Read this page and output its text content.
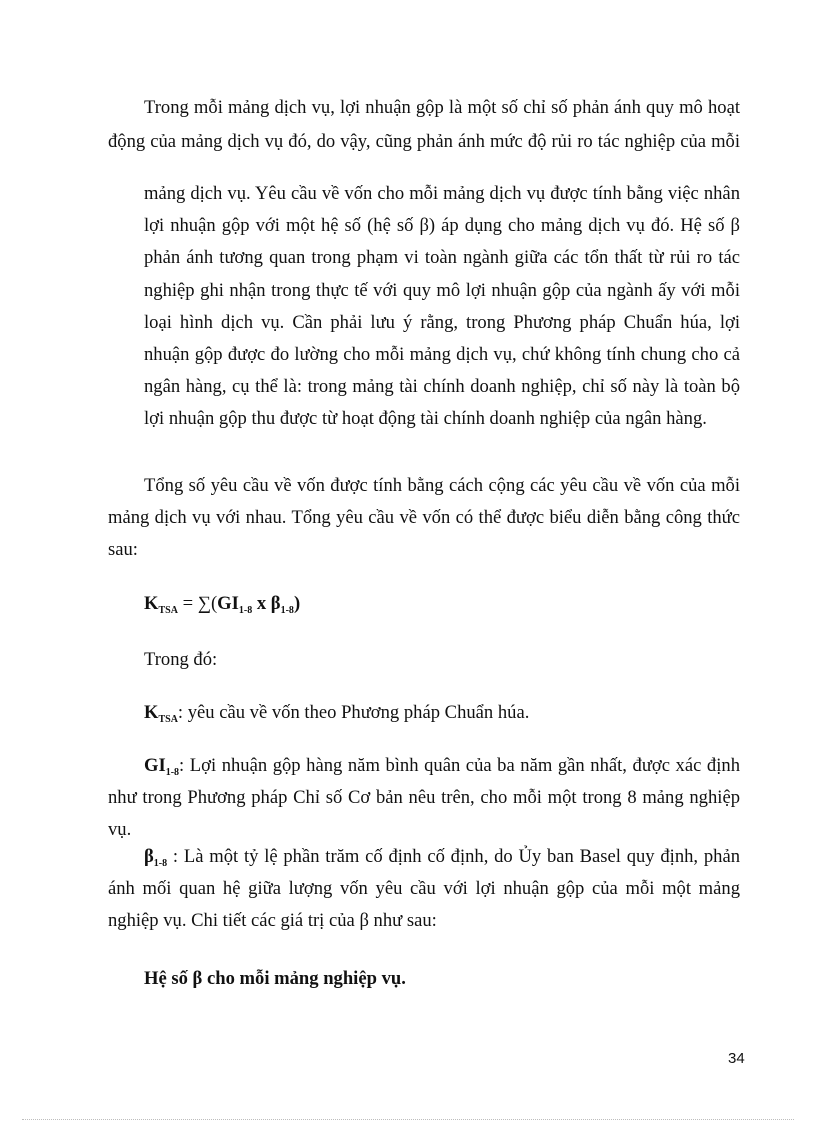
Trong mỗi mảng dịch vụ, lợi nhuận gộp là một số chỉ số phản ánh quy mô hoạt

động của mảng dịch vụ đó, do vậy, cũng phản ánh mức độ rủi ro tác nghiệp của mỗi

mảng dịch vụ. Yêu cầu về vốn cho mỗi mảng dịch vụ được tính bằng việc nhân lợi nhuận gộp với một hệ số (hệ số β) áp dụng cho mảng dịch vụ đó. Hệ số β phản ánh tương quan trong phạm vi toàn ngành giữa các tổn thất từ rủi ro tác nghiệp ghi nhận trong thực tế với quy mô lợi nhuận gộp của ngành ấy với mỗi loại hình dịch vụ. Cần phải lưu ý rằng, trong Phương pháp Chuẩn húa, lợi nhuận gộp được đo lường cho mỗi mảng dịch vụ, chứ không tính chung cho cả ngân hàng, cụ thể là: trong mảng tài chính doanh nghiệp, chỉ số này là toàn bộ lợi nhuận gộp thu được từ hoạt động tài chính doanh nghiệp của ngân hàng.

Tổng số yêu cầu về vốn được tính bằng cách cộng các yêu cầu về vốn của mỗi mảng dịch vụ với nhau. Tổng yêu cầu về vốn có thể được biểu diễn bằng công thức sau:

$K_{TSA} = \sum(GI_{1-8}$ x $\beta_{1-8}$)

Trong đó:

$K_{TSA}$: yêu cầu về vốn theo Phương pháp Chuẩn húa.

$GI_{1-8}$: Lợi nhuận gộp hàng năm bình quân của ba năm gần nhất, được xác định như trong Phương pháp Chỉ số Cơ bản nêu trên, cho mỗi một trong 8 mảng nghiệp vụ.

$\beta_{1-8}$ : Là một tỷ lệ phần trăm cố định cố định, do Ủy ban Basel quy định, phản ánh mối quan hệ giữa lượng vốn yêu cầu với lợi nhuận gộp của mỗi một mảng nghiệp vụ. Chi tiết các giá trị của β như sau:

Hệ số β cho mỗi mảng nghiệp vụ.

34
